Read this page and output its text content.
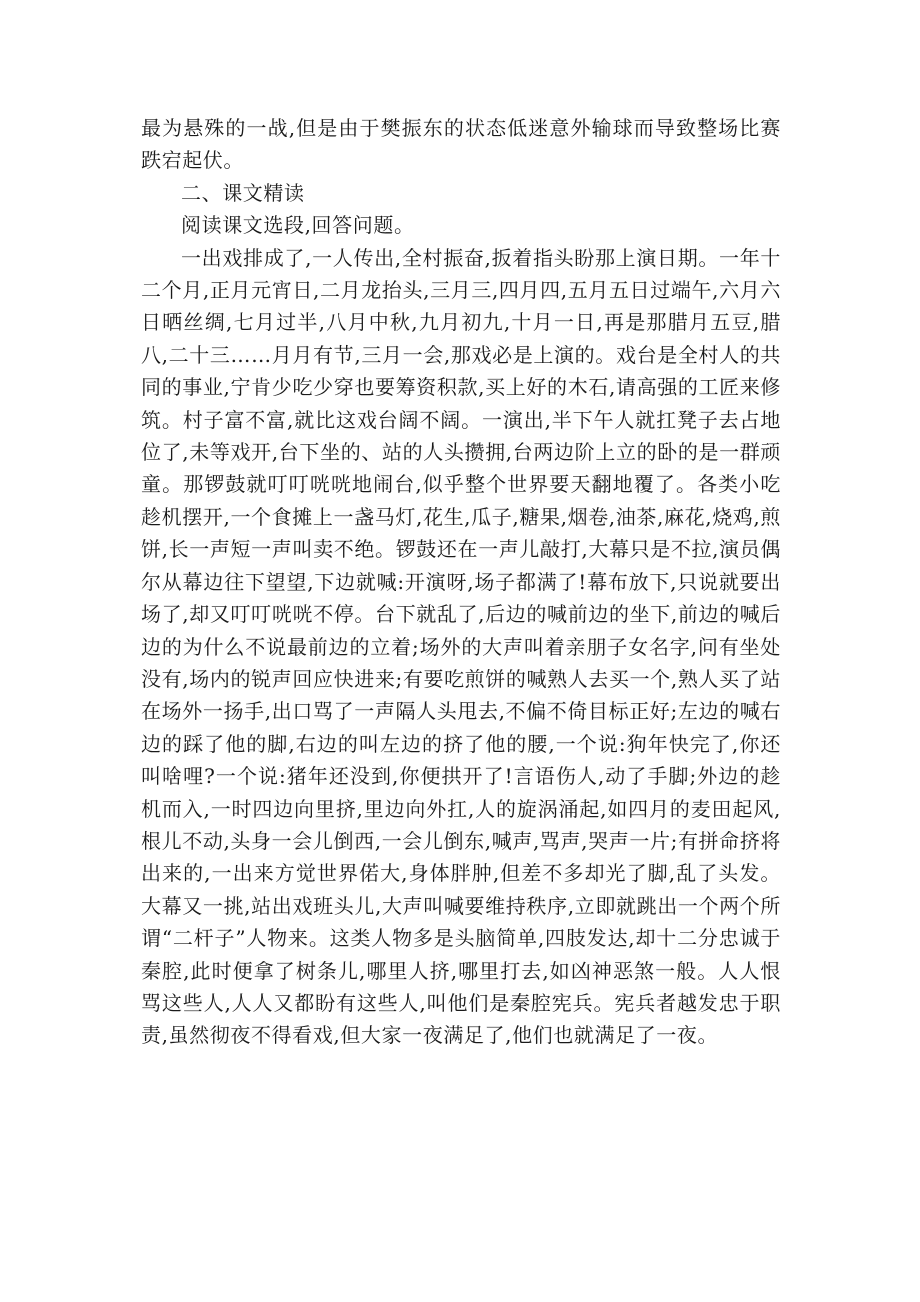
最为悬殊的一战,但是由于樊振东的状态低迷意外输球而导致整场比赛跌宕起伏。

二、课文精读

阅读课文选段,回答问题。

一出戏排成了,一人传出,全村振奋,扳着指头盼那上演日期。一年十二个月,正月元宵日,二月龙抬头,三月三,四月四,五月五日过端午,六月六日晒丝绸,七月过半,八月中秋,九月初九,十月一日,再是那腊月五豆,腊八,二十三……月月有节,三月一会,那戏必是上演的。戏台是全村人的共同的事业,宁肯少吃少穿也要筹资积款,买上好的木石,请高强的工匠来修筑。村子富不富,就比这戏台阔不阔。一演出,半下午人就扛凳子去占地位了,未等戏开,台下坐的、站的人头攒拥,台两边阶上立的卧的是一群顽童。那锣鼓就叮叮咣咣地闹台,似乎整个世界要天翻地覆了。各类小吃趁机摆开,一个食摊上一盏马灯,花生,瓜子,糖果,烟卷,油茶,麻花,烧鸡,煎饼,长一声短一声叫卖不绝。锣鼓还在一声儿敲打,大幕只是不拉,演员偶尔从幕边往下望望,下边就喊:开演呀,场子都满了!幕布放下,只说就要出场了,却又叮叮咣咣不停。台下就乱了,后边的喊前边的坐下,前边的喊后边的为什么不说最前边的立着;场外的大声叫着亲朋子女名字,问有坐处没有,场内的锐声回应快进来;有要吃煎饼的喊熟人去买一个,熟人买了站在场外一扬手,出口骂了一声隔人头甩去,不偏不倚目标正好;左边的喊右边的踩了他的脚,右边的叫左边的挤了他的腰,一个说:狗年快完了,你还叫啥哩?一个说:猪年还没到,你便拱开了!言语伤人,动了手脚;外边的趁机而入,一时四边向里挤,里边向外扛,人的旋涡涌起,如四月的麦田起风,根儿不动,头身一会儿倒西,一会儿倒东,喊声,骂声,哭声一片;有拼命挤将出来的,一出来方觉世界偌大,身体胖肿,但差不多却光了脚,乱了头发。大幕又一挑,站出戏班头儿,大声叫喊要维持秩序,立即就跳出一个两个所谓“二杆子”人物来。这类人物多是头脑简单,四肢发达,却十二分忠诚于秦腔,此时便拿了树条儿,哪里人挤,哪里打去,如凶神恶煞一般。人人恨骂这些人,人人又都盼有这些人,叫他们是秦腔宪兵。宪兵者越发忠于职责,虽然彻夜不得看戏,但大家一夜满足了,他们也就满足了一夜。
